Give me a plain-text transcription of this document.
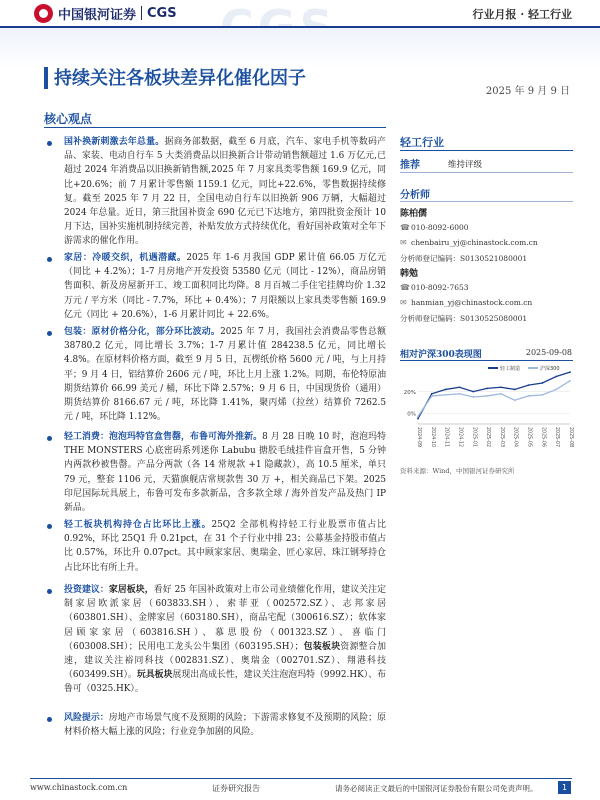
中国银河证券 CGS	行业月报 · 轻工行业
持续关注各板块差异化催化因子
2025 年 9 月 9 日
核心观点
国补换新刺激去年总量。据商务部数据，截至 6 月底，汽车、家电手机等数码产品、家装、电动自行车 5 大类消费品以旧换新合计带动销售额超过 1.6 万亿元,已超过 2024 年消费品以旧换新销售额,2025 年 7 月家具类零售额 169.9 亿元，同比+20.6%；前 7 月累计零售额 1159.1 亿元，同比+22.6%，零售数据持续修复。截至 2025 年 7 月 22 日，全国电动自行车以旧换新 906 万辆，大幅超过 2024 年总量。近日，第三批国补资金 690 亿元已下达地方，第四批资金预计 10 月下达，国补实施机制持续完善，补贴发放方式持续优化，看好国补政策对全年下游需求的催化作用。
家居：冷暖交织，机遇潜藏。2025 年 1-6 月我国 GDP 累计值 66.05 万亿元（同比 + 4.2%）；1-7 月房地产开发投资 53580 亿元（同比 - 12%），商品房销售面积、新及房屋新开工、竣工面积同比均降。8 月百城二手住宅挂牌均价 1.32 万元 / 平方米（同比 - 7.7%，环比 + 0.4%）；7 月限额以上家具类零售额 169.9 亿元（同比 + 20.6%），1-6 月累计同比 + 22.6%。
包装：原材价格分化，部分环比波动。2025 年 7 月，我国社会消费品零售总额 38780.2 亿元，同比增长 3.7%；1-7 月累计值 284238.5 亿元，同比增长 4.8%。在原材料价格方面，截至 9 月 5 日，瓦楞纸价格 5600 元 / 吨，与上月持平；9 月 4 日，铝结算价 2606 元 / 吨，环比上月上涨 1.2%。同期，布伦特原油期货结算价 66.99 美元 / 桶，环比下降 2.57%；9 月 6 日，中国现货价（通用）期货结算价 8166.67 元 / 吨，环比降 1.41%，聚丙烯（拉丝）结算价 7262.5 元 / 吨，环比降 1.12%。
轻工消费：泡泡玛特官盒售罄，布鲁可海外推新。8 月 28 日晚 10 时，泡泡玛特 THE MONSTERS 心底密码系列迷你 Labubu 搪胶毛绒挂件盲盒开售，5 分钟内两款秒被售罄。产品分两款（各 14 常规款 +1 隐藏款），高 10.5 厘米，单只 79 元，整套 1106 元，天猫旗舰店常规款售 30 万 +，相关商品已下架。2025 印尼国际玩具展上，布鲁可发布多款新品，含多款全球 / 海外首发产品及热门 IP 新品。
轻工板块机构持仓占比环比上涨。25Q2 全部机构持轻工行业股票市值占比 0.92%，环比 25Q1 升 0.21pct，在 31 个子行业中排 23；公募基金持股市值占比 0.57%，环比升 0.07pct。其中顾家家居、奥瑞金、匠心家居、珠江钢琴持仓占比环比有所上升。
投资建议：家居板块，看好 25 年国补政策对上市公司业绩催化作用，建议关注定制家居欧派家居（603833.SH）、索菲亚（002572.SZ）、志邦家居（603801.SH）、金牌家居（603180.SH），商品宅配（300616.SZ）；软体家居顾家家居（603816.SH）、慕思股份（001323.SZ）、喜临门（603008.SH）；民用电工龙头公牛集团（603195.SH）；包装板块资源整合加速，建议关注裕同科技（002831.SZ）、奥瑞金（002701.SZ）、翔港科技（603499.SH）。玩具板块展现出高成长性，建议关注泡泡玛特（9992.HK）、布鲁可（0325.HK）。
风险提示：房地产市场景气度不及预期的风险；下游需求修复不及预期的风险；原材料价格大幅上涨的风险；行业竞争加剧的风险。
轻工行业
推荐	维持评级
分析师
陈柏儒
☎ 010-8092-6000
✉ chenbairu_yj@chinastock.com.cn
分析师登记编码：S0130521080001
韩勉
☎ 010-8092-7653
✉ hanmian_yj@chinastock.com.cn
分析师登记编码：S0130525080001
相对沪深300表现图	2025-09-08
20%
0%
2024-09 2024-10 2024-11 2024-12 2025-01 2025-02 2025-03 2025-04 2025-05 2025-06 2025-07 2025-08
轻工制造	沪深300
资料来源：Wind，中国银河证券研究所
www.chinastock.com.cn	证券研究报告	请务必阅读正文最后的中国银河证券股份有限公司免责声明。	1
